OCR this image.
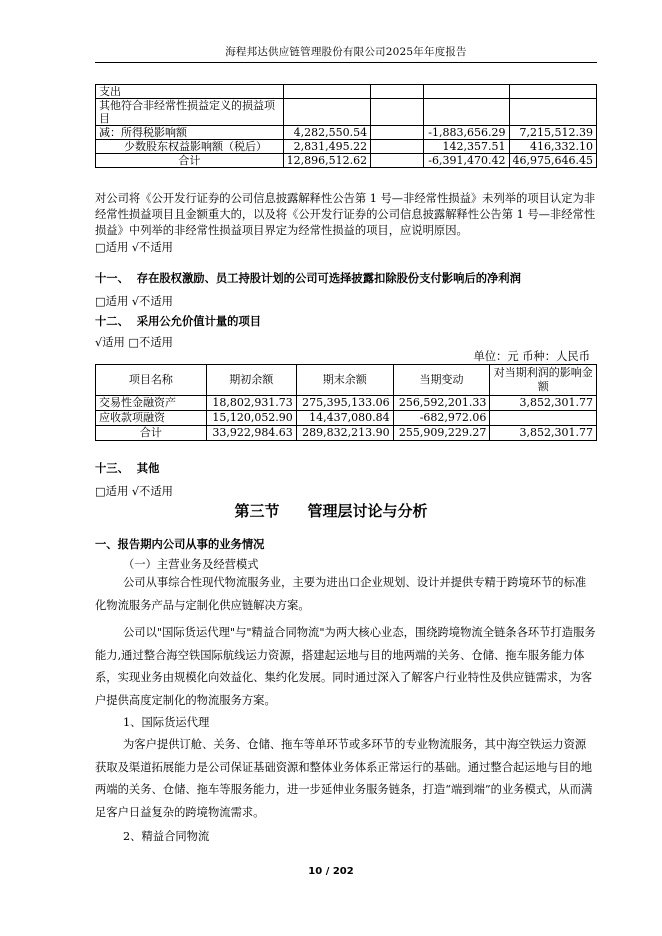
海程邦达供应链管理股份有限公司2025年年度报告
支出				
其他符合非经常性损益定义的损益项目				
减：所得税影响额	4,282,550.54		-1,883,656.29	7,215,512.39
少数股东权益影响额（税后）	2,831,495.22		142,357.51	416,332.10
合计	12,896,512.62		-6,391,470.42	46,975,646.45
对公司将《公开发行证券的公司信息披露解释性公告第 1 号—非经常性损益》未列举的项目认定为非经常性损益项目且金额重大的，以及将《公开发行证券的公司信息披露解释性公告第 1 号—非经常性损益》中列举的非经常性损益项目界定为经常性损益的项目，应说明原因。
□适用 √不适用
十一、 存在股权激励、员工持股计划的公司可选择披露扣除股份支付影响后的净利润
□适用 √不适用
十二、 采用公允价值计量的项目
√适用 □不适用
单位：元 币种：人民币
项目名称	期初余额	期末余额	当期变动	对当期利润的影响金额
交易性金融资产	18,802,931.73	275,395,133.06	256,592,201.33	3,852,301.77
应收款项融资	15,120,052.90	14,437,080.84	-682,972.06	
合计	33,922,984.63	289,832,213.90	255,909,229.27	3,852,301.77
十三、 其他
□适用 √不适用
第三节 管理层讨论与分析
一、报告期内公司从事的业务情况
（一）主营业务及经营模式
公司从事综合性现代物流服务业，主要为进出口企业规划、设计并提供专精于跨境环节的标准化物流服务产品与定制化供应链解决方案。
公司以"国际货运代理"与"精益合同物流"为两大核心业态，围绕跨境物流全链条各环节打造服务能力,通过整合海空铁国际航线运力资源，搭建起运地与目的地两端的关务、仓储、拖车服务能力体系，实现业务由规模化向效益化、集约化发展。同时通过深入了解客户行业特性及供应链需求，为客户提供高度定制化的物流服务方案。
1、国际货运代理
为客户提供订舱、关务、仓储、拖车等单环节或多环节的专业物流服务，其中海空铁运力资源获取及渠道拓展能力是公司保证基础资源和整体业务体系正常运行的基础。通过整合起运地与目的地两端的关务、仓储、拖车等服务能力，进一步延伸业务服务链条，打造“端到端”的业务模式，从而满足客户日益复杂的跨境物流需求。
2、精益合同物流
10 / 202
